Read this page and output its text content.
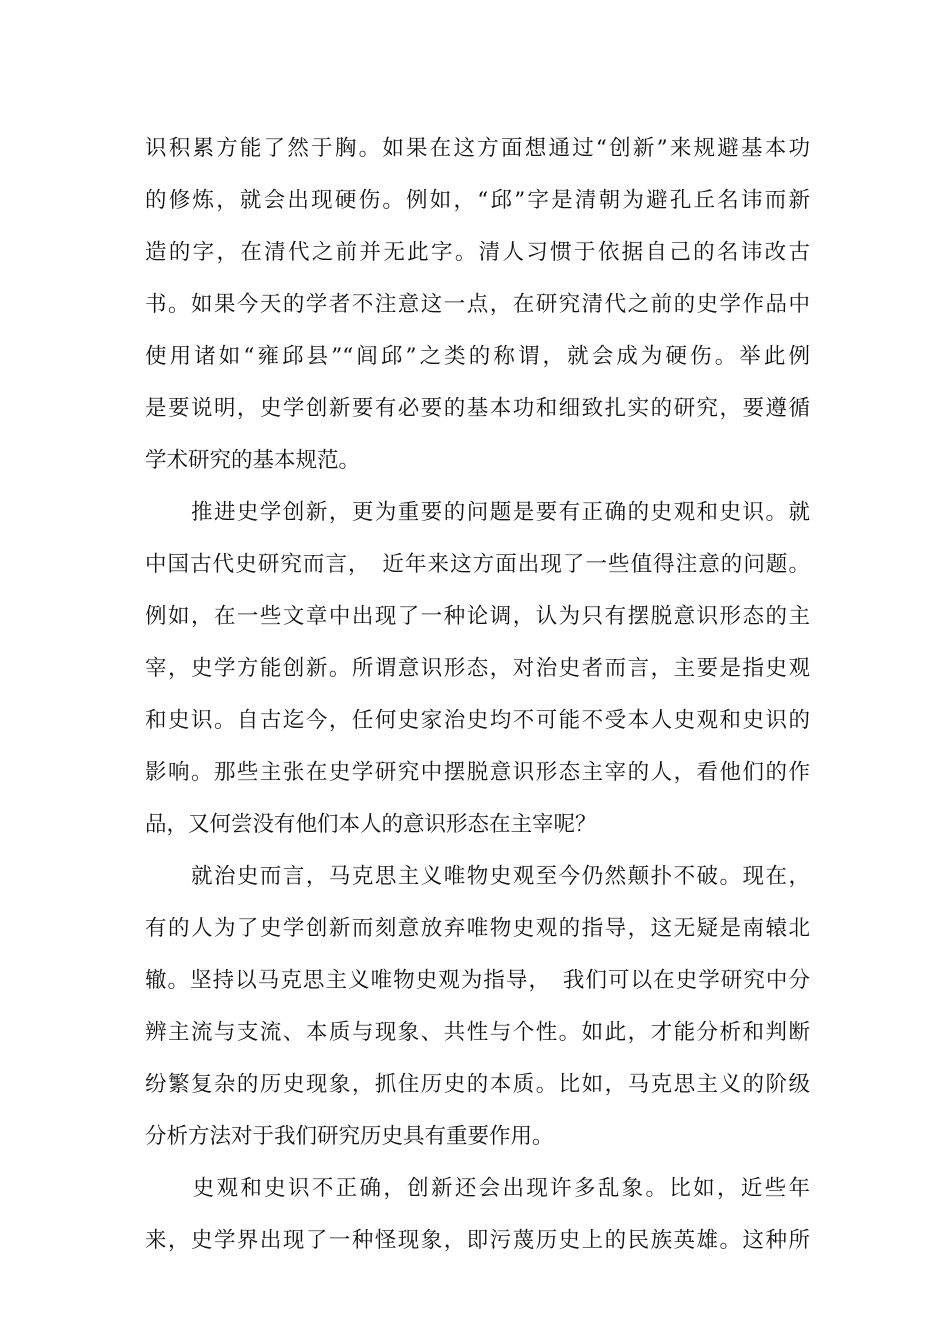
识积累方能了然于胸。如果在这方面想通过“创新”来规避基本功
的修炼，就会出现硬伤。例如，“邱”字是清朝为避孔丘名讳而新
造的字，在清代之前并无此字。清人习惯于依据自己的名讳改古
书。如果今天的学者不注意这一点，在研究清代之前的史学作品中
使用诸如“雍邱县”“闾邱”之类的称谓，就会成为硬伤。举此例
是要说明，史学创新要有必要的基本功和细致扎实的研究，要遵循
学术研究的基本规范。
　　推进史学创新，更为重要的问题是要有正确的史观和史识。就
中国古代史研究而言，　近年来这方面出现了一些值得注意的问题。
例如，在一些文章中出现了一种论调，认为只有摆脱意识形态的主
宰，史学方能创新。所谓意识形态，对治史者而言，主要是指史观
和史识。自古迄今，任何史家治史均不可能不受本人史观和史识的
影响。那些主张在史学研究中摆脱意识形态主宰的人，看他们的作
品，又何尝没有他们本人的意识形态在主宰呢？
　　就治史而言，马克思主义唯物史观至今仍然颠扑不破。现在，
有的人为了史学创新而刻意放弃唯物史观的指导，这无疑是南辕北
辙。坚持以马克思主义唯物史观为指导，　我们可以在史学研究中分
辨主流与支流、本质与现象、共性与个性。如此，才能分析和判断
纷繁复杂的历史现象，抓住历史的本质。比如，马克思主义的阶级
分析方法对于我们研究历史具有重要作用。
　　史观和史识不正确，创新还会出现许多乱象。比如，近些年
来，史学界出现了一种怪现象，即污蔑历史上的民族英雄。这种所
